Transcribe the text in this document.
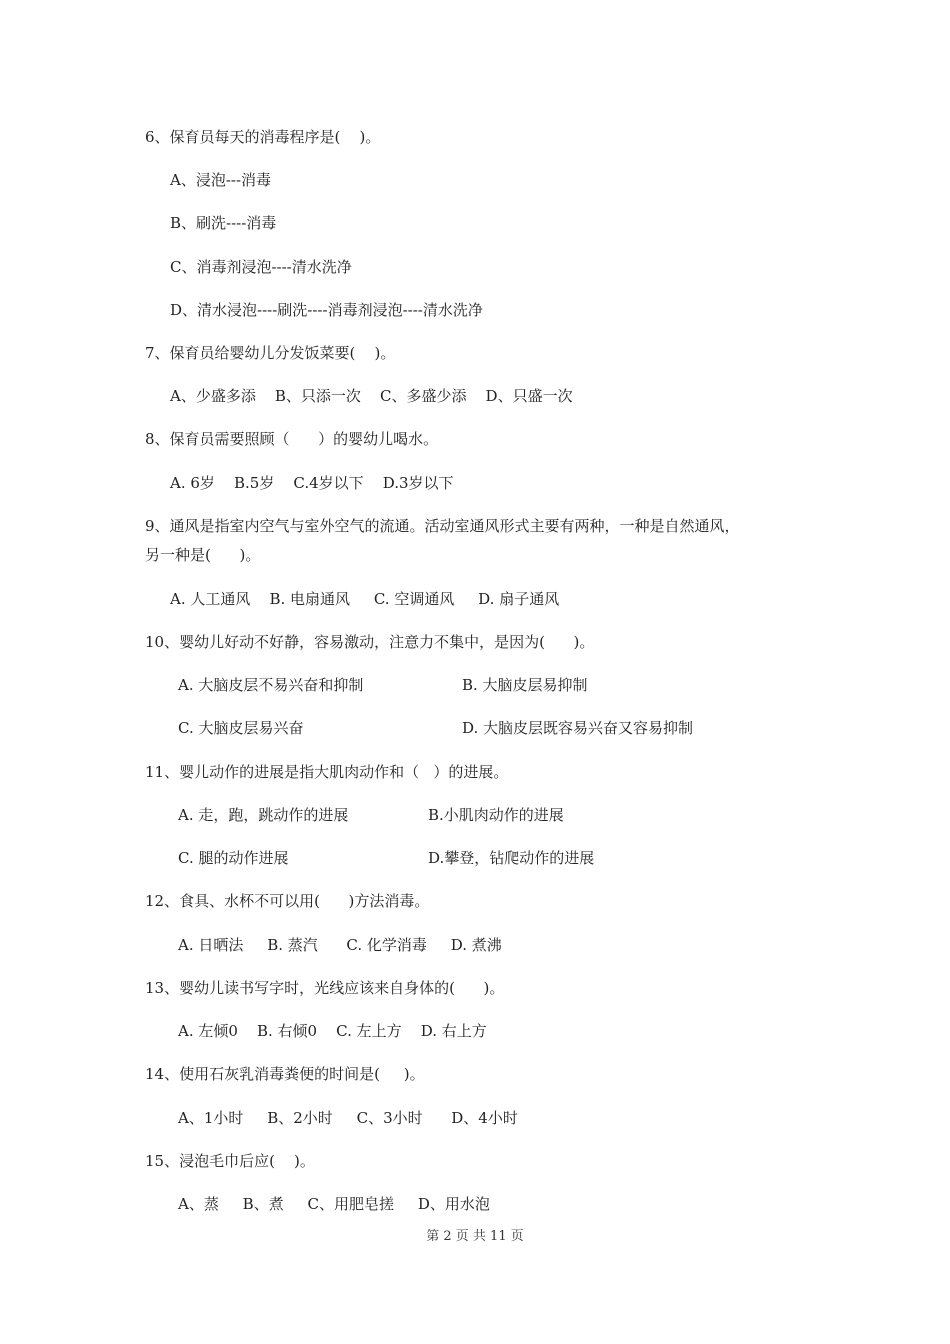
6、保育员每天的消毒程序是(    )。
A、浸泡---消毒
B、刷洗----消毒
C、消毒剂浸泡----清水洗净
D、清水浸泡----刷洗----消毒剂浸泡----清水洗净
7、保育员给婴幼儿分发饭菜要(    )。
A、少盛多添    B、只添一次    C、多盛少添    D、只盛一次
8、保育员需要照顾（      ）的婴幼儿喝水。
A. 6岁    B.5岁    C.4岁以下    D.3岁以下
9、通风是指室内空气与室外空气的流通。活动室通风形式主要有两种，一种是自然通风，
另一种是(      )。
A. 人工通风    B. 电扇通风     C. 空调通风     D. 扇子通风
10、婴幼儿好动不好静，容易激动，注意力不集中，是因为(      )。
A. 大脑皮层不易兴奋和抑制	B. 大脑皮层易抑制
C. 大脑皮层易兴奋	D. 大脑皮层既容易兴奋又容易抑制
11、婴儿动作的进展是指大肌肉动作和（   ）的进展。
A. 走，跑，跳动作的进展	B.小肌肉动作的进展
C. 腿的动作进展	D.攀登，钻爬动作的进展
12、食具、水杯不可以用(      )方法消毒。
A. 日晒法     B. 蒸汽      C. 化学消毒     D. 煮沸
13、婴幼儿读书写字时，光线应该来自身体的(      )。
A. 左倾0    B. 右倾0    C. 左上方    D. 右上方
14、使用石灰乳消毒粪便的时间是(     )。
A、1小时     B、2小时     C、3小时      D、4小时
15、浸泡毛巾后应(    )。
A、蒸     B、煮     C、用肥皂搓     D、用水泡
第 2 页 共 11 页
